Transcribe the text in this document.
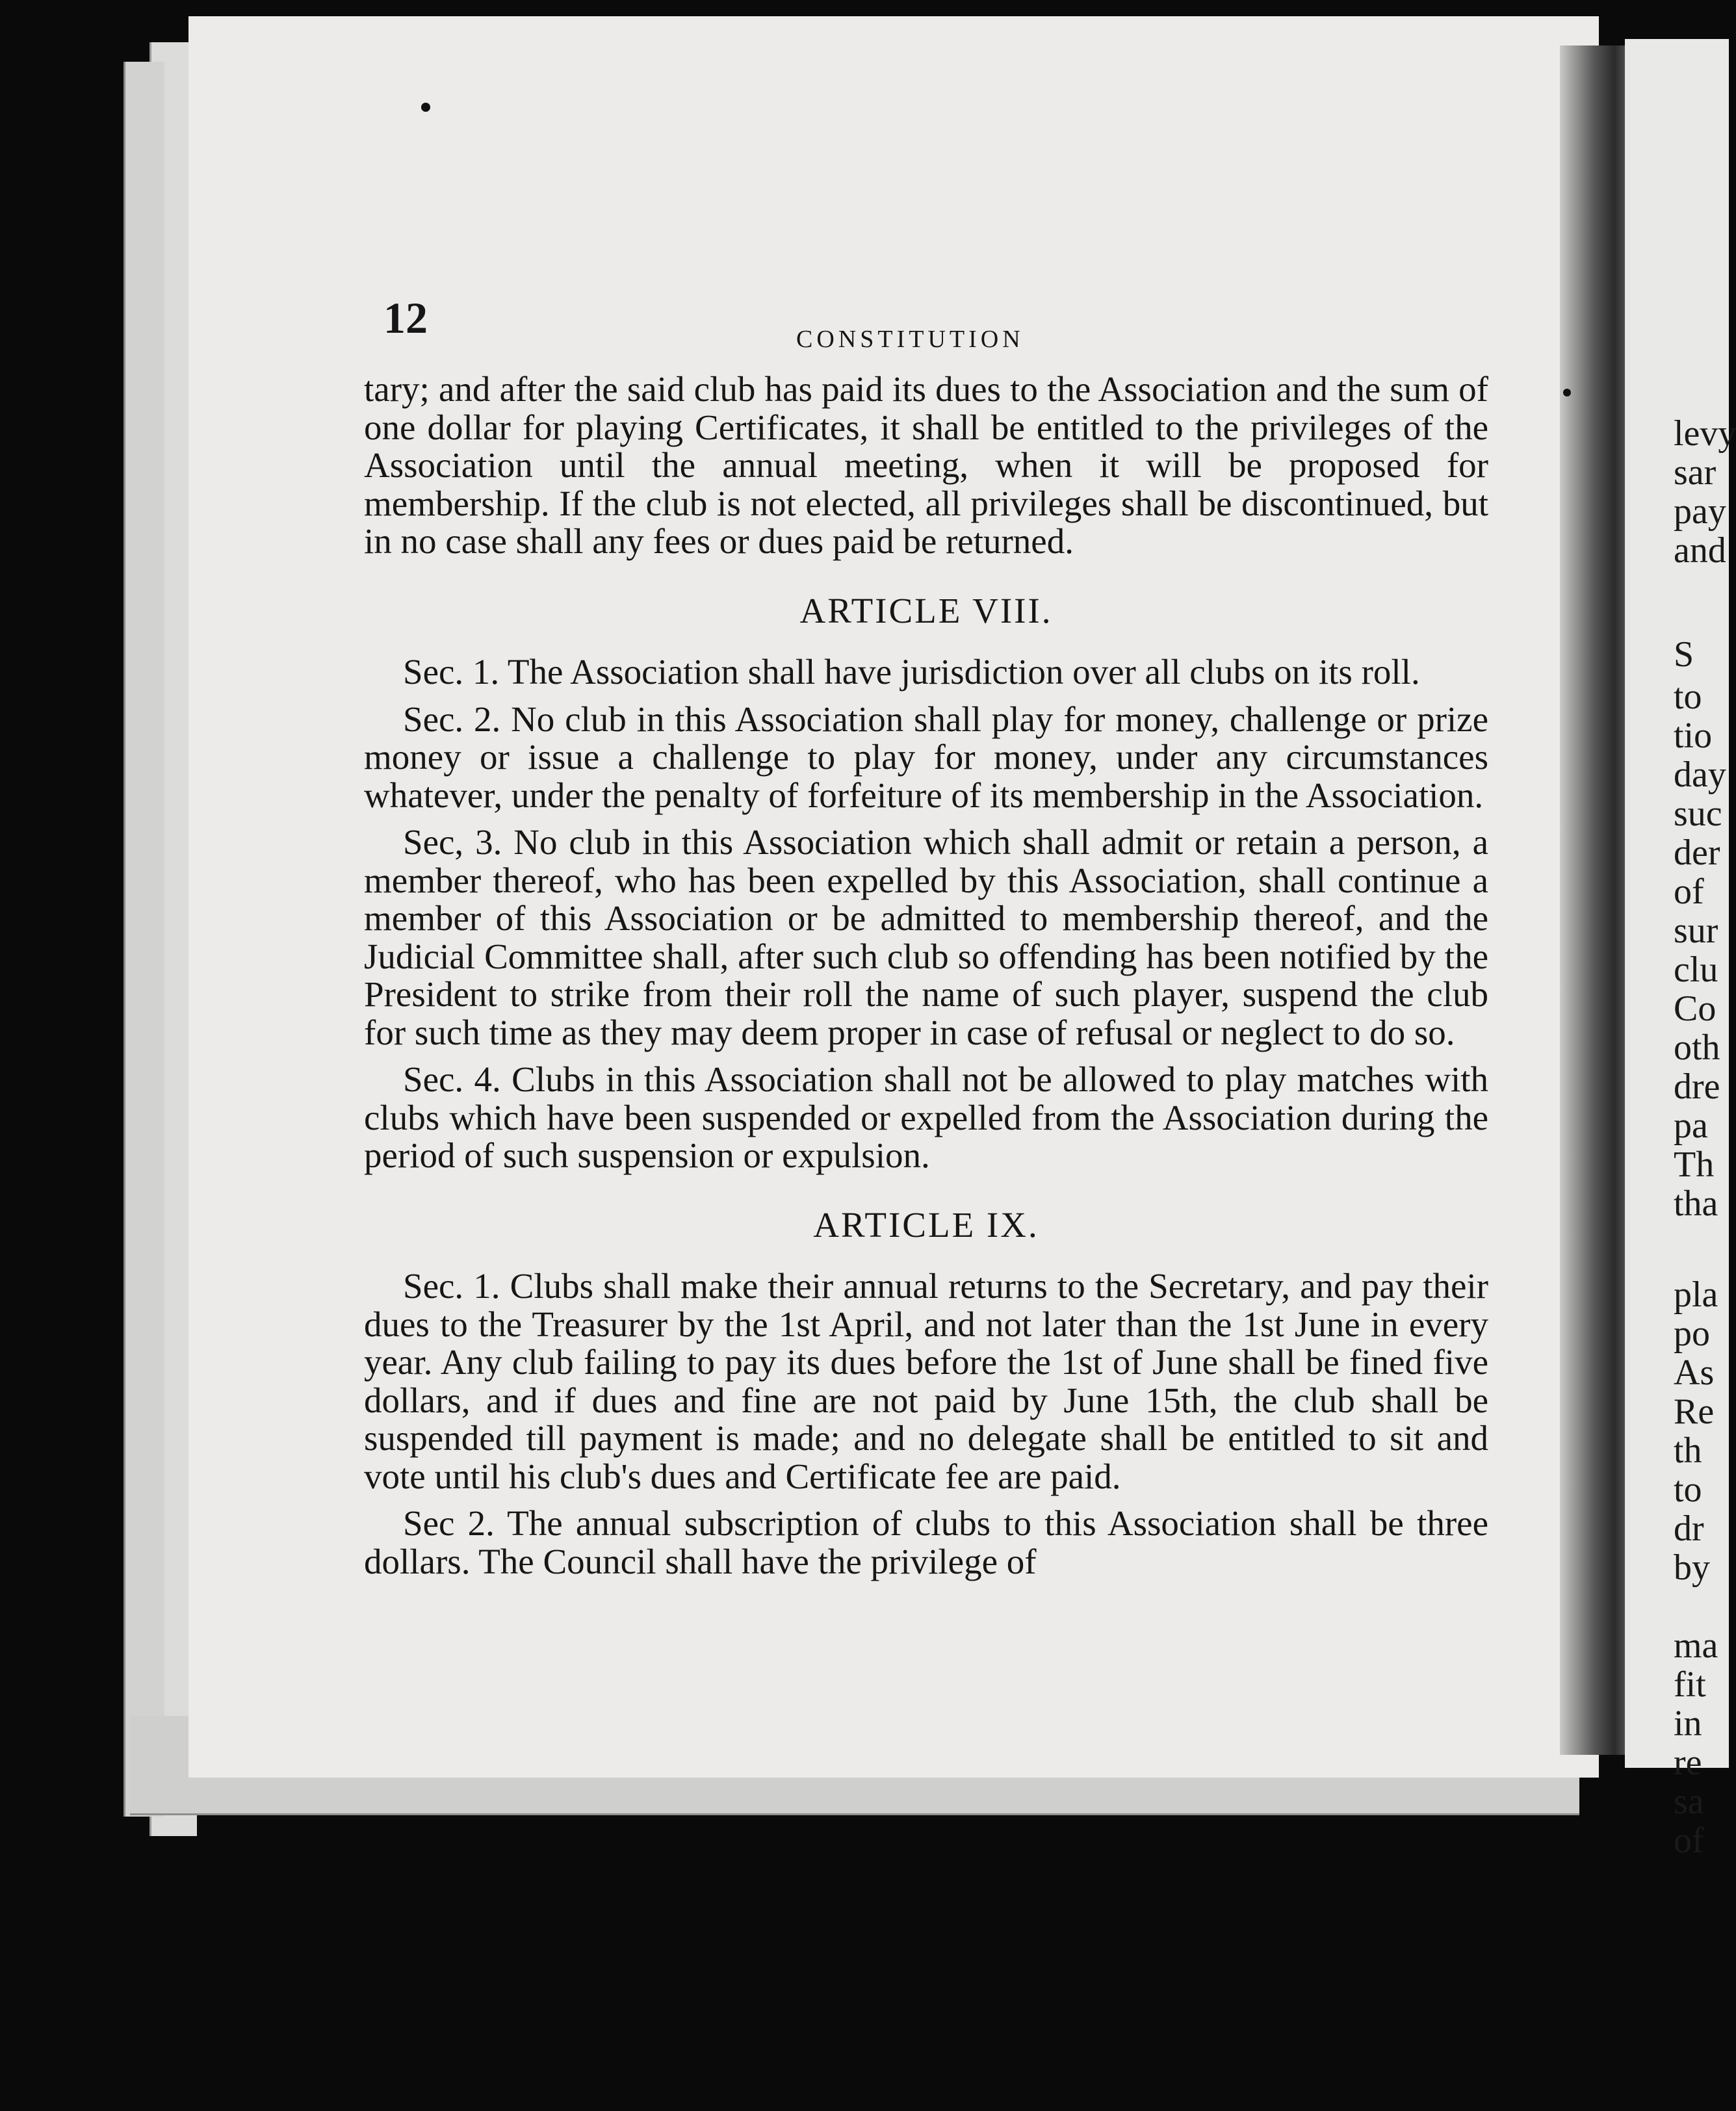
12	CONSTITUTION

tary; and after the said club has paid its dues to the Association and the sum of one dollar for playing Certificates, it shall be entitled to the privileges of the Association until the annual meeting, when it will be proposed for membership. If the club is not elected, all privileges shall be discontinued, but in no case shall any fees or dues paid be returned.

ARTICLE VIII.

Sec. 1. The Association shall have jurisdiction over all clubs on its roll.

Sec. 2. No club in this Association shall play for money, challenge or prize money or issue a challenge to play for money, under any circumstances whatever, under the penalty of forfeiture of its membership in the Association.

Sec, 3. No club in this Association which shall admit or retain a person, a member thereof, who has been expelled by this Association, shall continue a member of this Association or be admitted to membership thereof, and the Judicial Committee shall, after such club so offending has been notified by the President to strike from their roll the name of such player, suspend the club for such time as they may deem proper in case of refusal or neglect to do so.

Sec. 4. Clubs in this Association shall not be allowed to play matches with clubs which have been suspended or expelled from the Association during the period of such suspension or expulsion.

ARTICLE IX.

Sec. 1. Clubs shall make their annual returns to the Secretary, and pay their dues to the Treasurer by the 1st April, and not later than the 1st June in every year. Any club failing to pay its dues before the 1st of June shall be fined five dollars, and if dues and fine are not paid by June 15th, the club shall be suspended till payment is made; and no delegate shall be entitled to sit and vote until his club's dues and Certificate fee are paid.

Sec 2. The annual subscription of clubs to this Association shall be three dollars. The Council shall have the privilege of

levy
sar
pay
and
S
to
tio
day
suc
der
of
sur
clu
Co
oth
dre
pa
Th
tha
pla
po
As
Re
th
to
dr
by
ma
fit
in
re
sa
of
